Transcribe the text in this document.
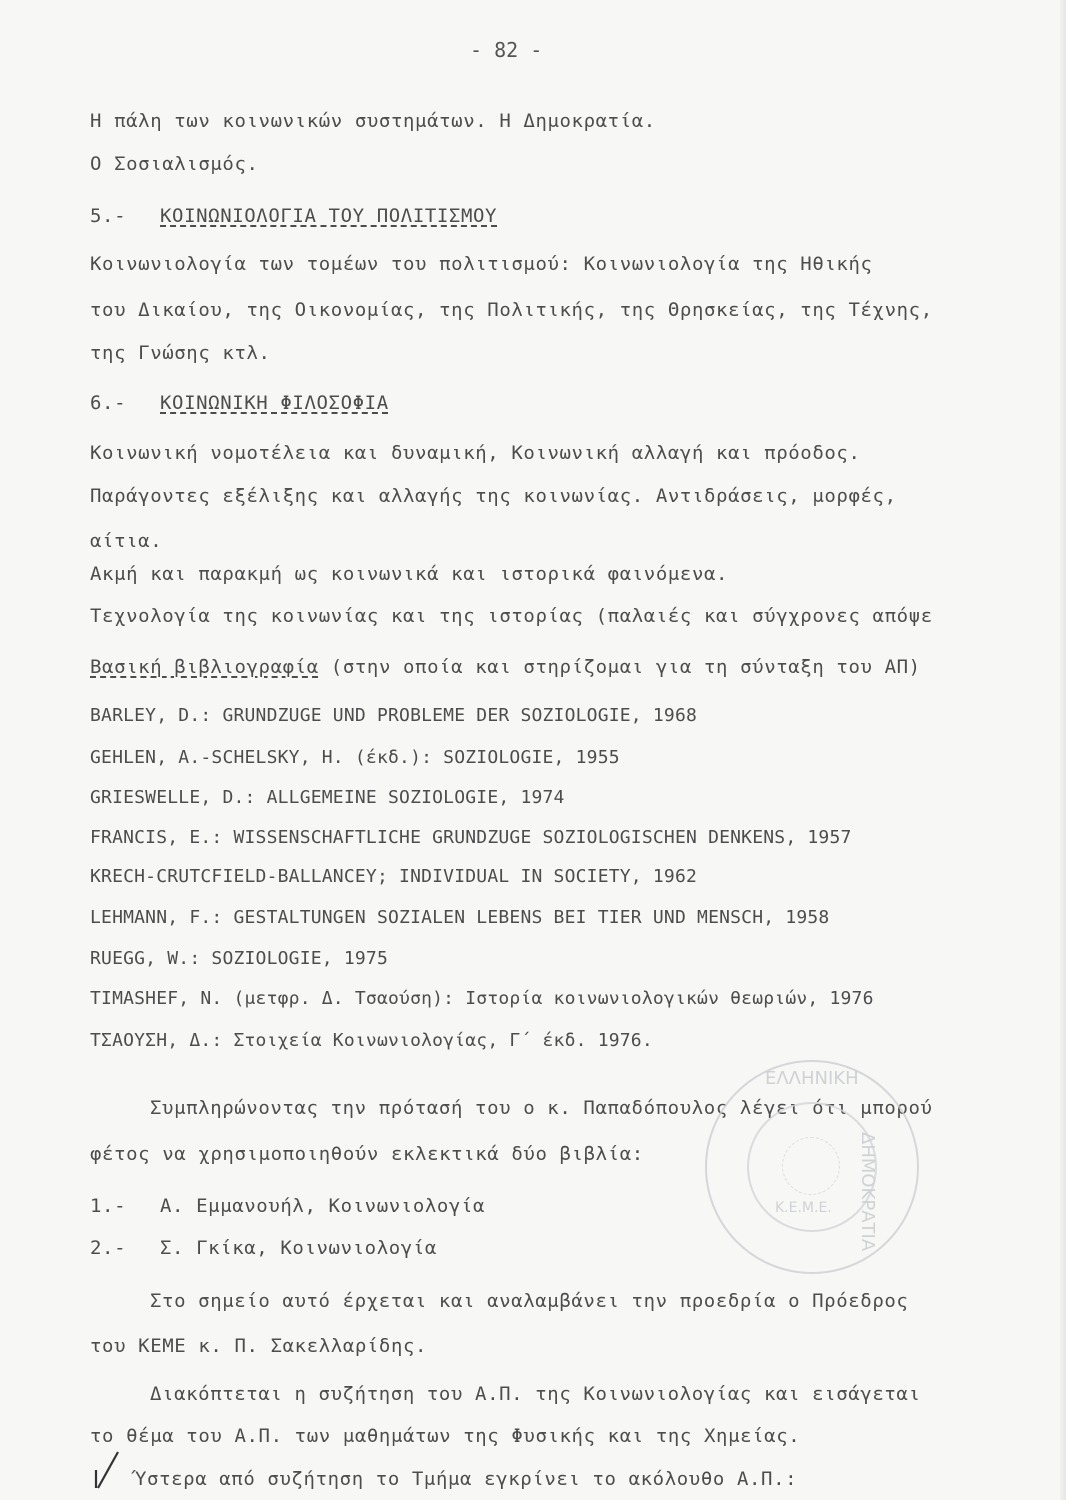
- 82 -
Η πάλη των κοινωνικών συστημάτων. Η Δημοκρατία.
Ο Σοσιαλισμός.
5.- ΚΟΙΝΩΝΙΟΛΟΓΙΑ ΤΟΥ ΠΟΛΙΤΙΣΜΟΥ
Κοινωνιολογία των τομέων του πολιτισμού: Κοινωνιολογία της Ηθικής
του Δικαίου, της Οικονομίας, της Πολιτικής, της Θρησκείας, της Τέχνης,
της Γνώσης κτλ.
6.- ΚΟΙΝΩΝΙΚΗ ΦΙΛΟΣΟΦΙΑ
Κοινωνική νομοτέλεια και δυναμική, Κοινωνική αλλαγή και πρόοδος.
Παράγοντες εξέλιξης και αλλαγής της κοινωνίας. Αντιδράσεις, μορφές,
αίτια.
Ακμή και παρακμή ως κοινωνικά και ιστορικά φαινόμενα.
Τεχνολογία της κοινωνίας και της ιστορίας (παλαιές και σύγχρονες απόψε
Βασική βιβλιογραφία (στην οποία και στηρίζομαι για τη σύνταξη του ΑΠ)
BARLEY, D.: GRUNDZUGE UND PROBLEME DER SOZIOLOGIE, 1968
GEHLEN, A.-SCHELSKY, H. (έκδ.): SOZIOLOGIE, 1955
GRIESWELLE, D.: ALLGEMEINE SOZIOLOGIE, 1974
FRANCIS, E.: WISSENSCHAFTLICHE GRUNDZUGE SOZIOLOGISCHEN DENKENS, 1957
KRECH-CRUTCFIELD-BALLANCEY; INDIVIDUAL IN SOCIETY, 1962
LEHMANN, F.: GESTALTUNGEN SOZIALEN LEBENS BEI TIER UND MENSCH, 1958
RUEGG, W.: SOZIOLOGIE, 1975
TIMASHEF, N. (μετφρ. Δ. Τσαούση): Ιστορία κοινωνιολογικών θεωριών, 1976
ΤΣΑΟΥΣΗ, Δ.: Στοιχεία Κοινωνιολογίας, Γ΄ έκδ. 1976.
Συμπληρώνοντας την πρότασή του ο κ. Παπαδόπουλος λέγει ότι μπορού
φέτος να χρησιμοποιηθούν εκλεκτικά δύο βιβλία:
1.- Α. Εμμανουήλ, Κοινωνιολογία
2.- Σ. Γκίκα, Κοινωνιολογία
Στο σημείο αυτό έρχεται και αναλαμβάνει την προεδρία ο Πρόεδρος
του ΚΕΜΕ κ. Π. Σακελλαρίδης.
Διακόπτεται η συζήτηση του Α.Π. της Κοινωνιολογίας και εισάγεται
το θέμα του Α.Π. των μαθημάτων της Φυσικής και της Χημείας.
Ύστερα από συζήτηση το Τμήμα εγκρίνει το ακόλουθο Α.Π.:
ΕΛΛΗΝΙΚΗ
ΔΗΜΟΚΡΑΤΙΑ
Κ.Ε.Μ.Ε.
